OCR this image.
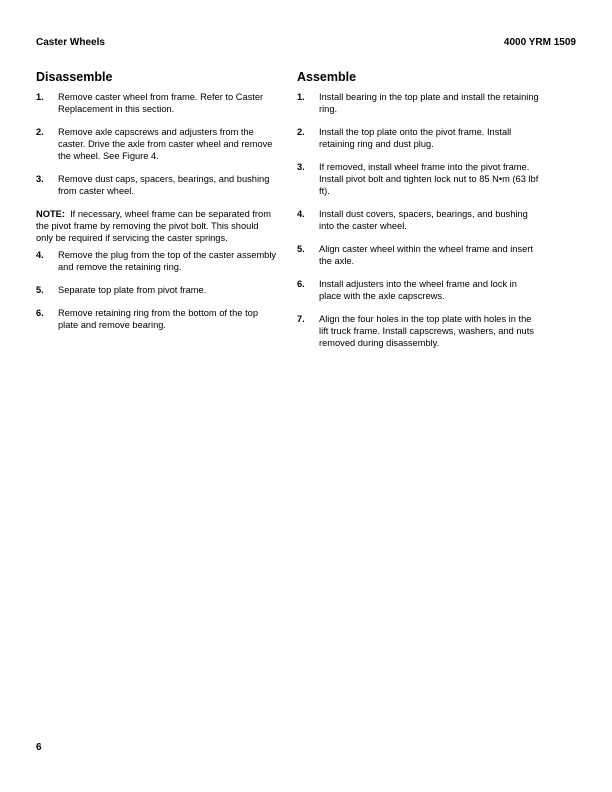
Caster Wheels	4000 YRM 1509
Disassemble
1.	Remove caster wheel from frame. Refer to Caster Replacement in this section.
2.	Remove axle capscrews and adjusters from the caster. Drive the axle from caster wheel and remove the wheel. See Figure 4.
3.	Remove dust caps, spacers, bearings, and bushing from caster wheel.
NOTE: If necessary, wheel frame can be separated from the pivot frame by removing the pivot bolt. This should only be required if servicing the caster springs.
4.	Remove the plug from the top of the caster assembly and remove the retaining ring.
5.	Separate top plate from pivot frame.
6.	Remove retaining ring from the bottom of the top plate and remove bearing.
Assemble
1.	Install bearing in the top plate and install the retaining ring.
2.	Install the top plate onto the pivot frame. Install retaining ring and dust plug.
3.	If removed, install wheel frame into the pivot frame. Install pivot bolt and tighten lock nut to 85 N•m (63 lbf ft).
4.	Install dust covers, spacers, bearings, and bushing into the caster wheel.
5.	Align caster wheel within the wheel frame and insert the axle.
6.	Install adjusters into the wheel frame and lock in place with the axle capscrews.
7.	Align the four holes in the top plate with holes in the lift truck frame. Install capscrews, washers, and nuts removed during disassembly.
6
